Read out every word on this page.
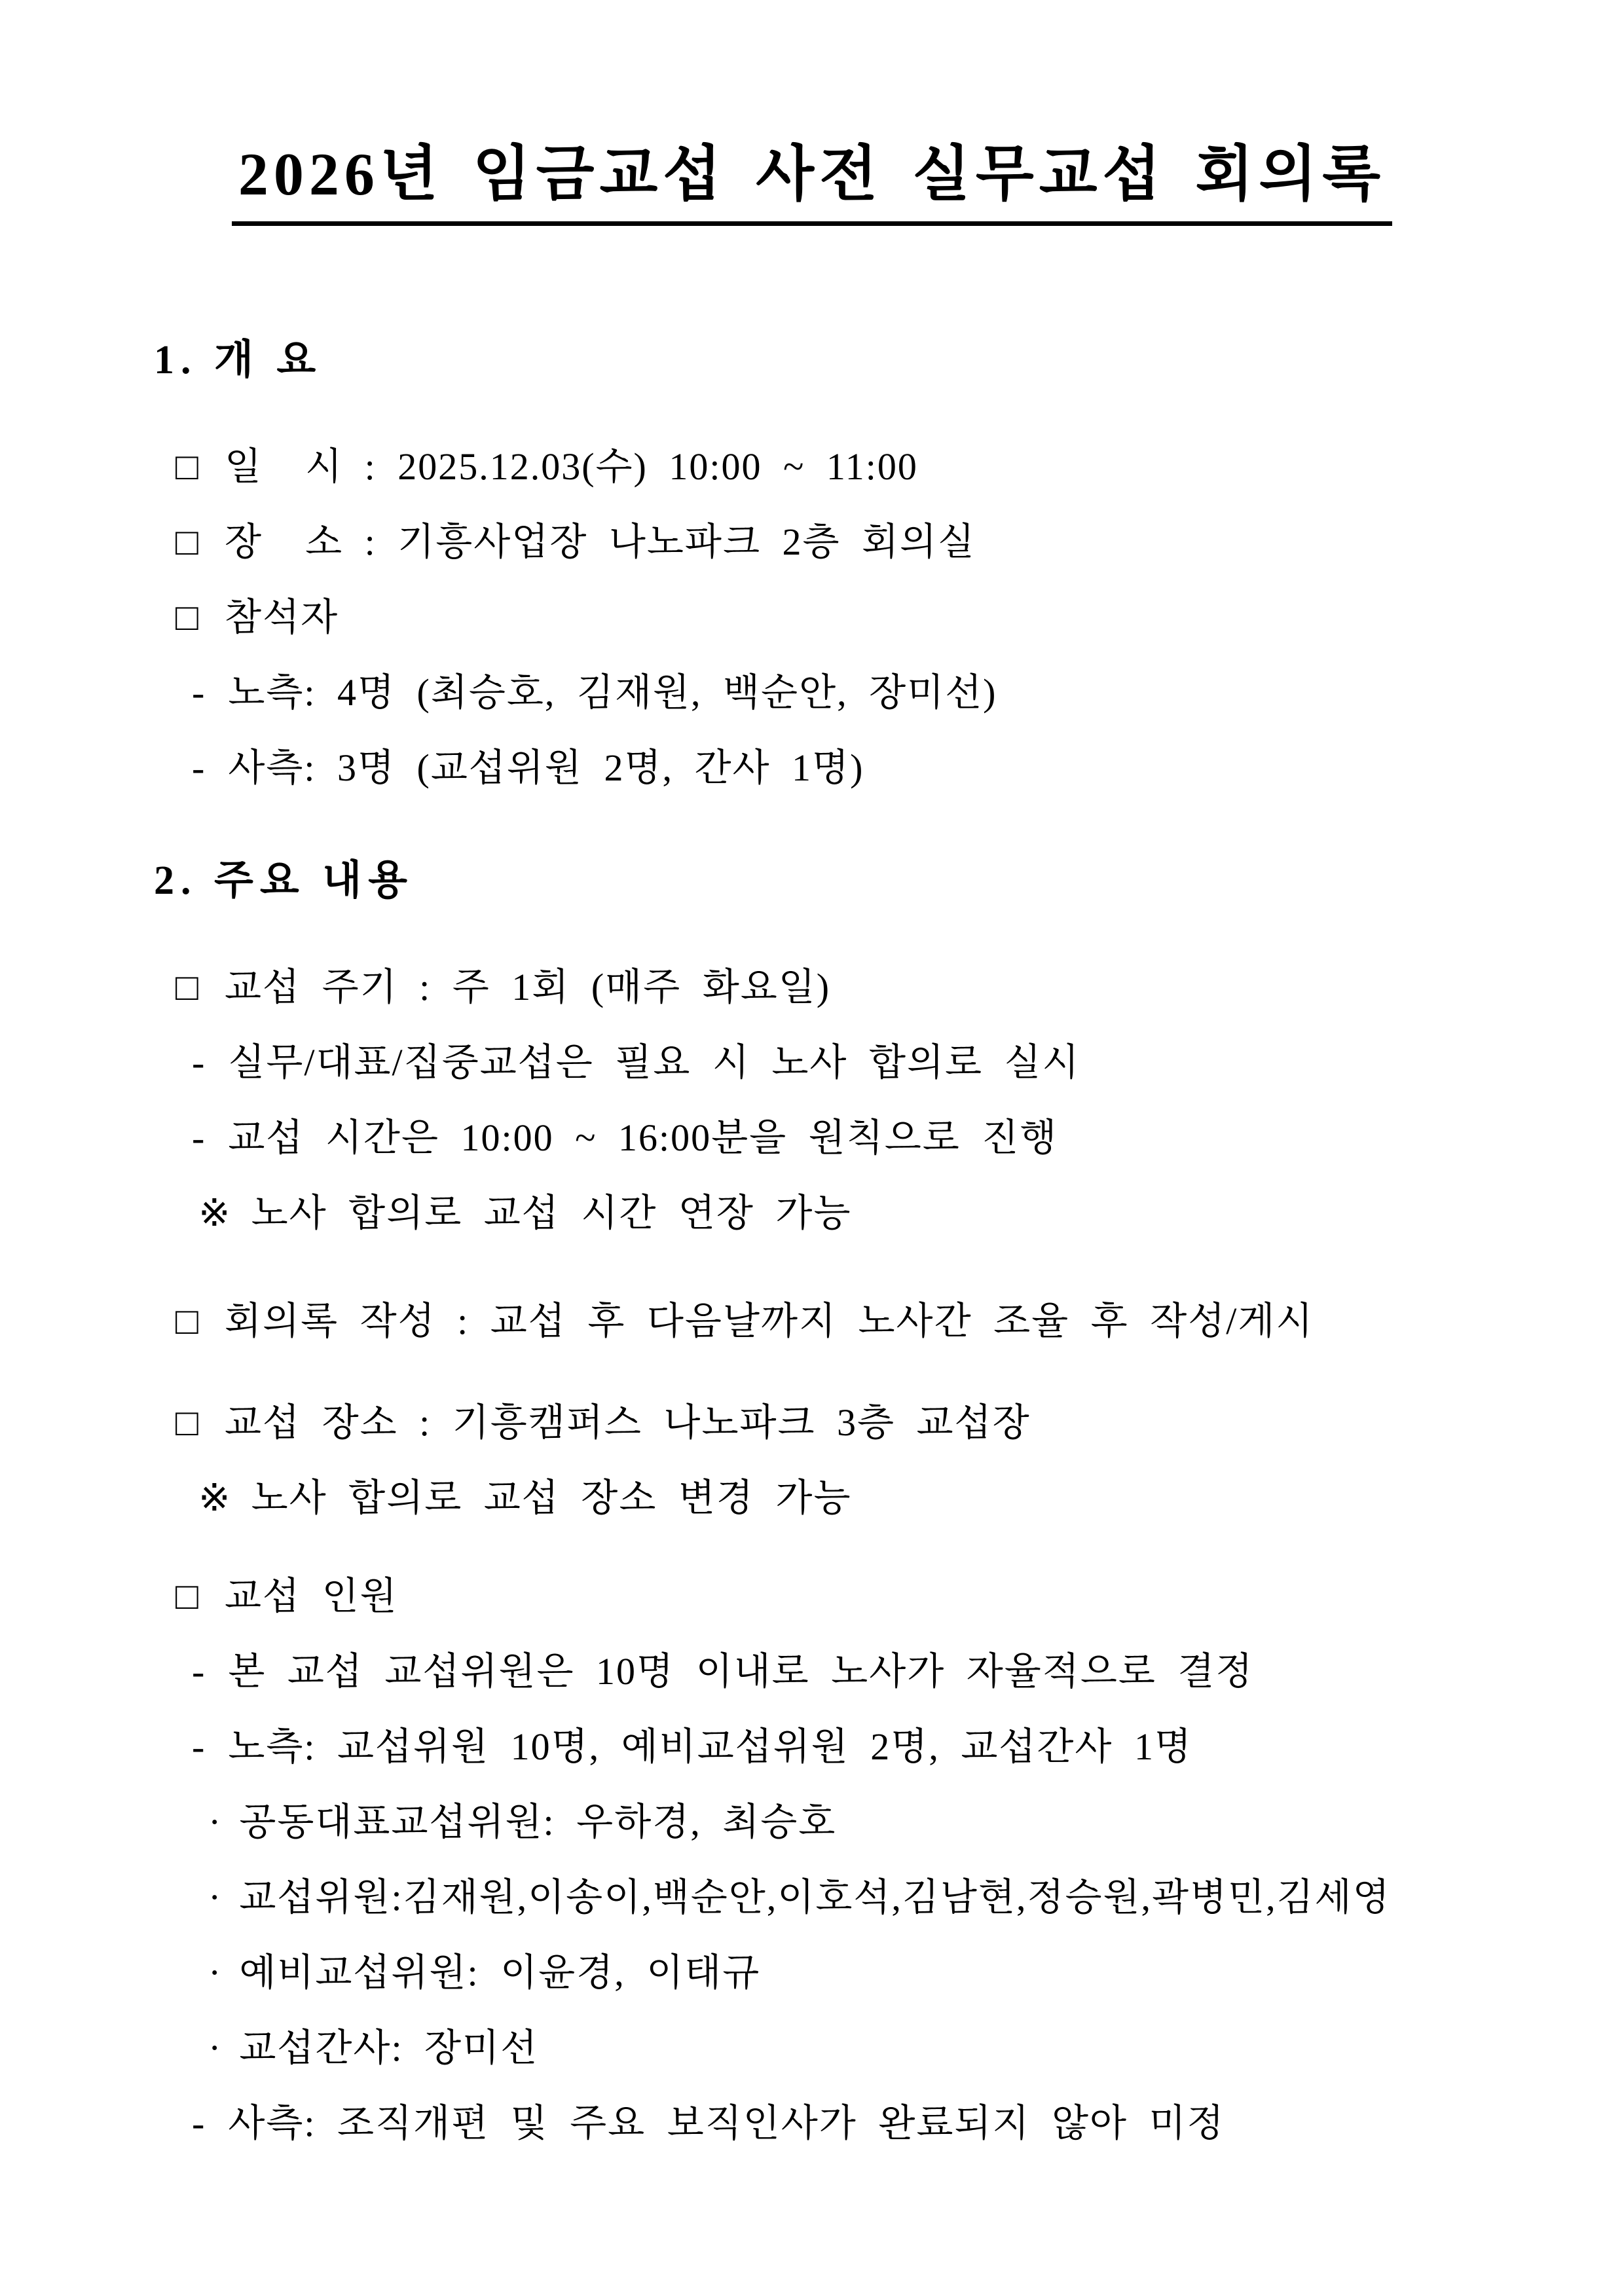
2026년 임금교섭 사전 실무교섭 회의록
1. 개 요
□ 일  시 : 2025.12.03(수) 10:00 ~ 11:00
□ 장  소 : 기흥사업장 나노파크 2층 회의실
□ 참석자
- 노측: 4명 (최승호, 김재원, 백순안, 장미선)
- 사측: 3명 (교섭위원 2명, 간사 1명)
2. 주요 내용
□ 교섭 주기 : 주 1회 (매주 화요일)
- 실무/대표/집중교섭은 필요 시 노사 합의로 실시
- 교섭 시간은 10:00 ~ 16:00분을 원칙으로 진행
※ 노사 합의로 교섭 시간 연장 가능
□ 회의록 작성 : 교섭 후 다음날까지 노사간 조율 후 작성/게시
□ 교섭 장소 : 기흥캠퍼스 나노파크 3층 교섭장
※ 노사 합의로 교섭 장소 변경 가능
□ 교섭 인원
- 본 교섭 교섭위원은 10명 이내로 노사가 자율적으로 결정
- 노측: 교섭위원 10명, 예비교섭위원 2명, 교섭간사 1명
· 공동대표교섭위원: 우하경, 최승호
· 교섭위원:김재원,이송이,백순안,이호석,김남현,정승원,곽병민,김세영
· 예비교섭위원: 이윤경, 이태규
· 교섭간사: 장미선
- 사측: 조직개편 및 주요 보직인사가 완료되지 않아 미정
